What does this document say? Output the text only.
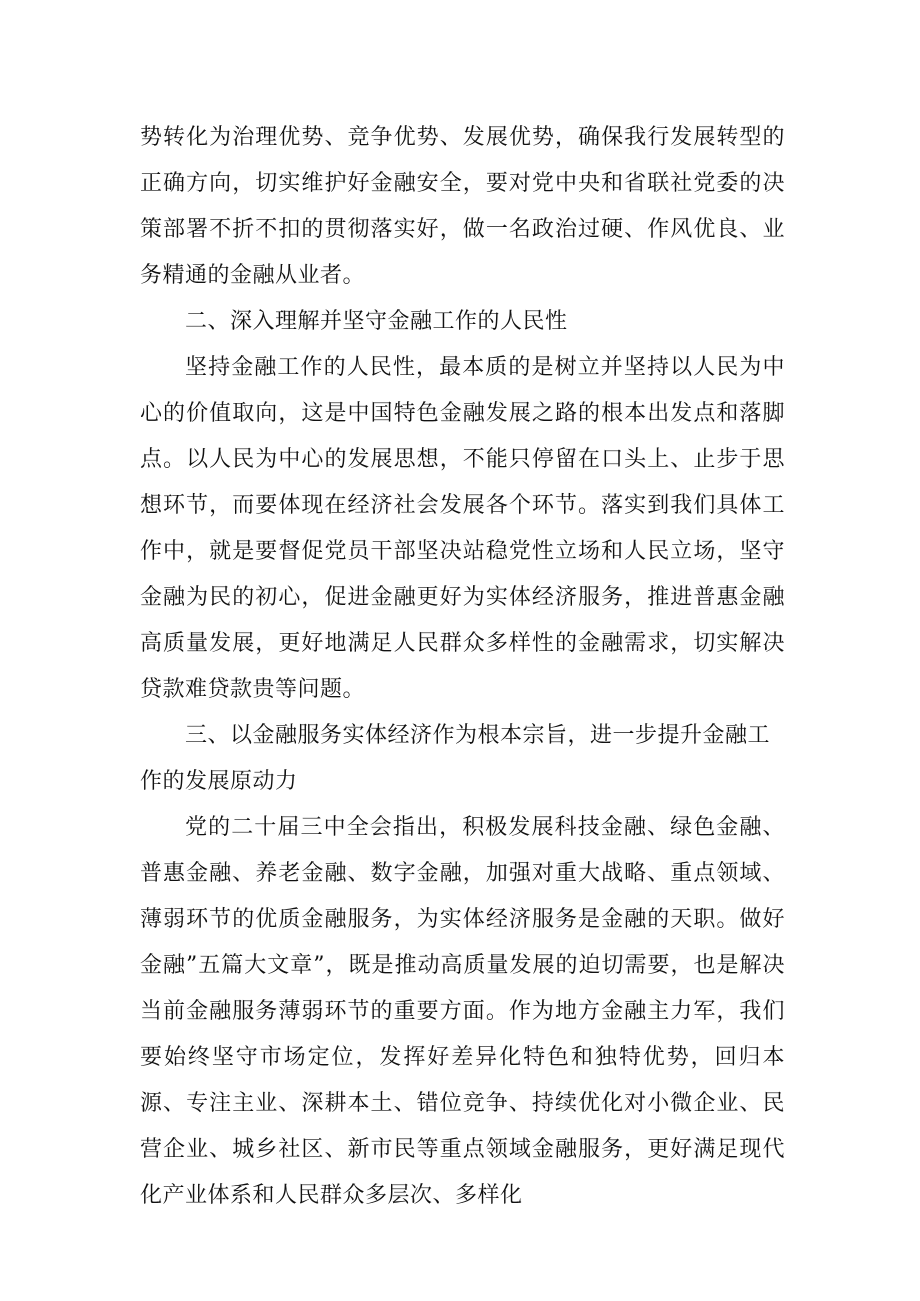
势转化为治理优势、竞争优势、发展优势，确保我行发展转型的正确方向，切实维护好金融安全，要对党中央和省联社党委的决策部署不折不扣的贯彻落实好，做一名政治过硬、作风优良、业务精通的金融从业者。

二、深入理解并坚守金融工作的人民性

坚持金融工作的人民性，最本质的是树立并坚持以人民为中心的价值取向，这是中国特色金融发展之路的根本出发点和落脚点。以人民为中心的发展思想，不能只停留在口头上、止步于思想环节，而要体现在经济社会发展各个环节。落实到我们具体工作中，就是要督促党员干部坚决站稳党性立场和人民立场，坚守金融为民的初心，促进金融更好为实体经济服务，推进普惠金融高质量发展，更好地满足人民群众多样性的金融需求，切实解决贷款难贷款贵等问题。

三、以金融服务实体经济作为根本宗旨，进一步提升金融工作的发展原动力

党的二十届三中全会指出，积极发展科技金融、绿色金融、普惠金融、养老金融、数字金融，加强对重大战略、重点领域、薄弱环节的优质金融服务，为实体经济服务是金融的天职。做好金融”五篇大文章”，既是推动高质量发展的迫切需要，也是解决当前金融服务薄弱环节的重要方面。作为地方金融主力军，我们要始终坚守市场定位，发挥好差异化特色和独特优势，回归本源、专注主业、深耕本土、错位竞争、持续优化对小微企业、民营企业、城乡社区、新市民等重点领域金融服务，更好满足现代化产业体系和人民群众多层次、多样化
